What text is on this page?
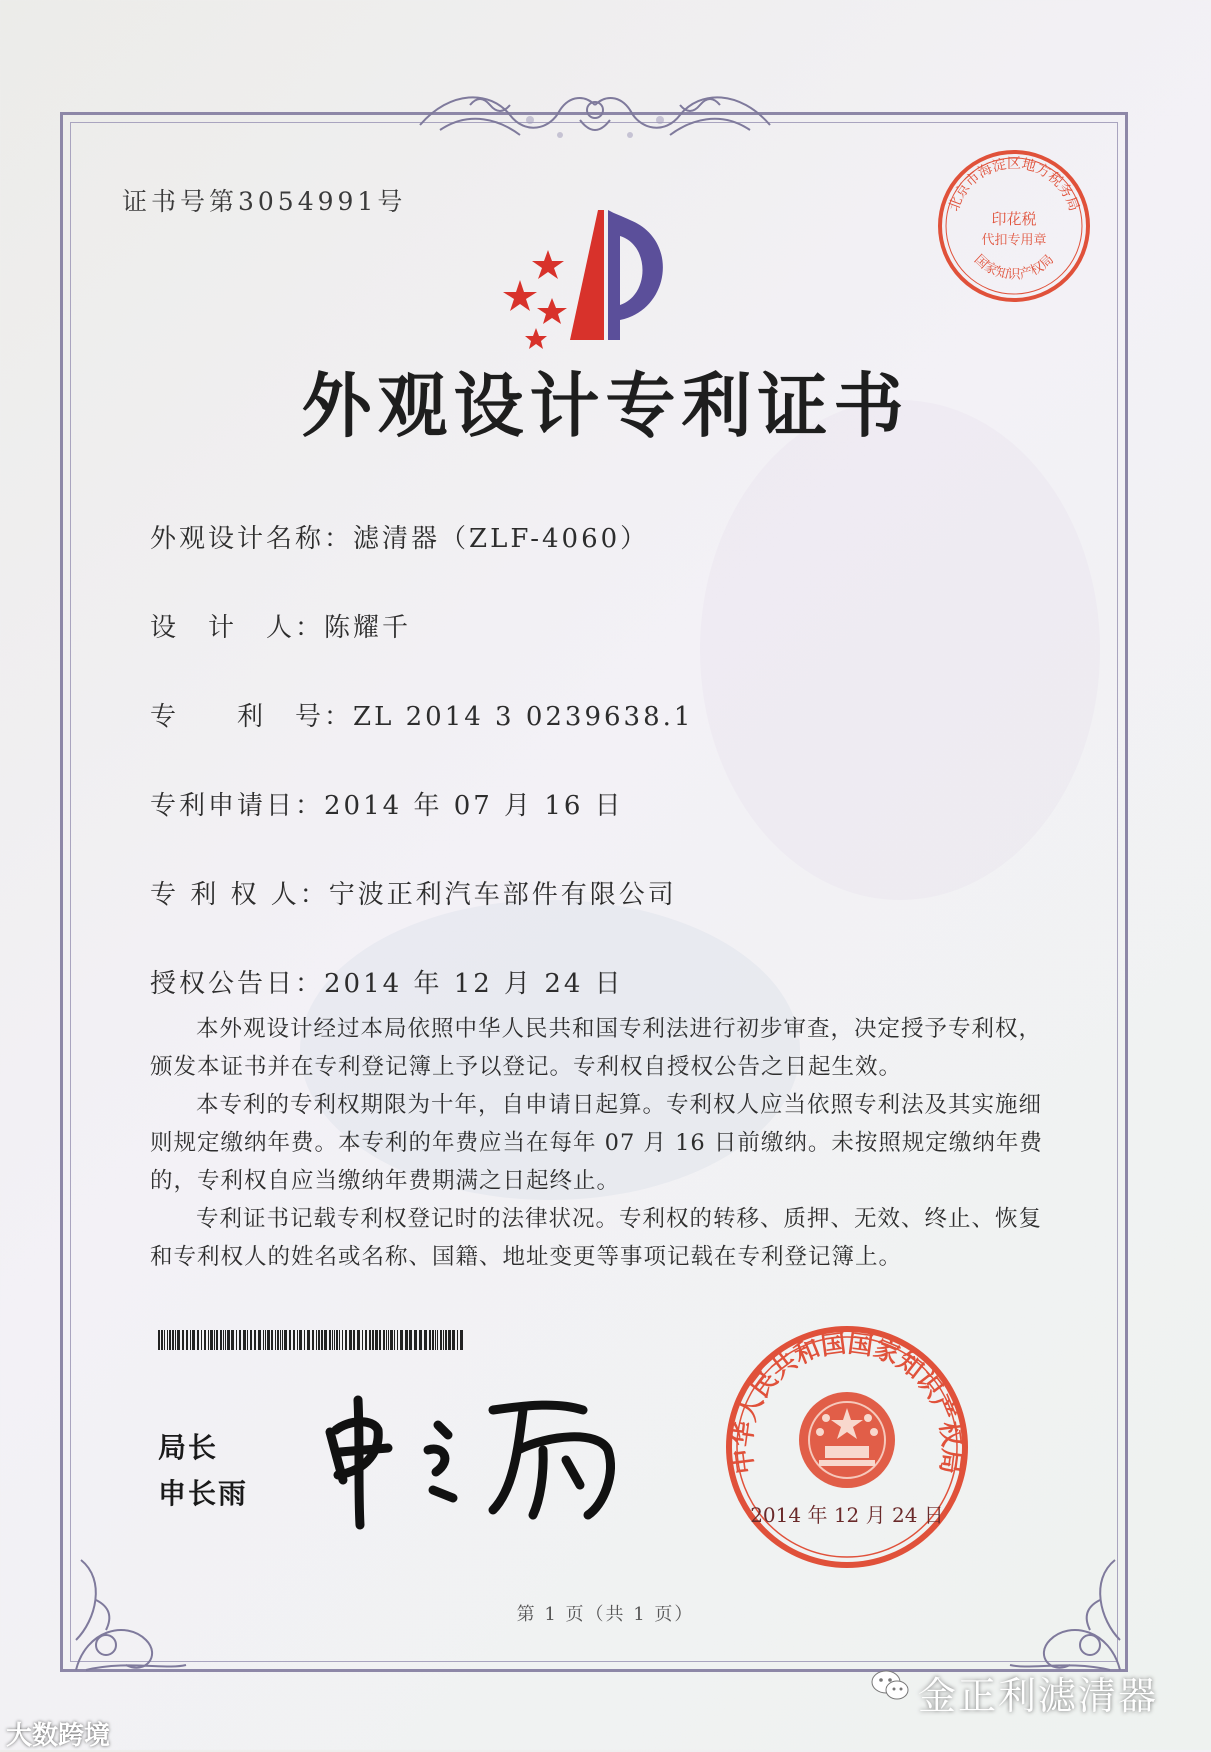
证书号第3054991号	北京市海淀区地方税务局
印花税
代扣专用章
国家知识产权局
外观设计专利证书
外观设计名称：滤清器（ZLF-4060）
设　计　人：陈耀千
专　　利　号：ZL 2014 3 0239638.1
专利申请日：2014 年 07 月 16 日
专 利 权 人：宁波正利汽车部件有限公司
授权公告日：2014 年 12 月 24 日

本外观设计经过本局依照中华人民共和国专利法进行初步审查，决定授予专利权，颁发本证书并在专利登记簿上予以登记。专利权自授权公告之日起生效。

本专利的专利权期限为十年，自申请日起算。专利权人应当依照专利法及其实施细则规定缴纳年费。本专利的年费应当在每年 07 月 16 日前缴纳。未按照规定缴纳年费的，专利权自应当缴纳年费期满之日起终止。

专利证书记载专利权登记时的法律状况。专利权的转移、质押、无效、终止、恢复和专利权人的姓名或名称、国籍、地址变更等事项记载在专利登记簿上。

局长
申长雨
中华人民共和国国家知识产权局
2014 年 12 月 24 日
第 1 页（共 1 页）
金正利滤清器
大数跨境
